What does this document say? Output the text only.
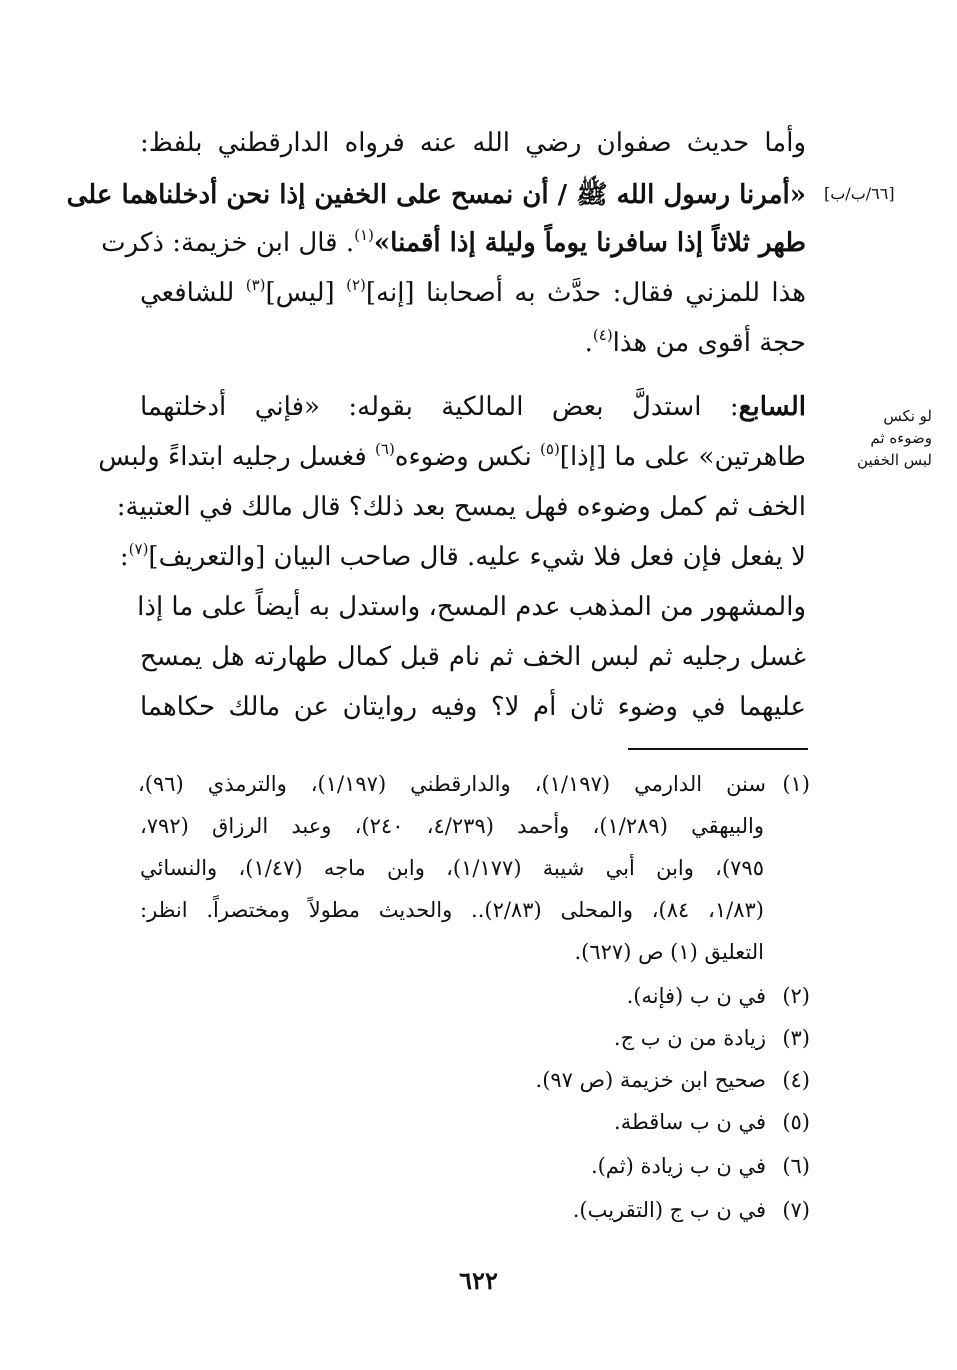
وأما حديث صفوان رضي الله عنه فرواه الدارقطني بلفظ:
«أمرنا رسول الله ﷺ / أن نمسح على الخفين إذا نحن أدخلناهما على
طهر ثلاثاً إذا سافرنا يوماً وليلة إذا أقمنا»$^{(١)}$. قال ابن خزيمة: ذكرت
هذا للمزني فقال: حدَّث به أصحابنا [إنه]$^{(٢)}$ [ليس]$^{(٣)}$ للشافعي
حجة أقوى من هذا$^{(٤)}$.
[٦٦/ب/ب]
لو نكس
وضوءه ثم
لبس الخفين
السابع: استدلَّ بعض المالكية بقوله: «فإني أدخلتهما
طاهرتين» على ما [إذا]$^{(٥)}$ نكس وضوءه$^{(٦)}$ فغسل رجليه ابتداءً ولبس
الخف ثم كمل وضوءه فهل يمسح بعد ذلك؟ قال مالك في العتبية:
لا يفعل فإن فعل فلا شيء عليه. قال صاحب البيان [والتعريف]$^{(٧)}$:
والمشهور من المذهب عدم المسح، واستدل به أيضاً على ما إذا
غسل رجليه ثم لبس الخف ثم نام قبل كمال طهارته هل يمسح
عليهما في وضوء ثان أم لا؟ وفيه روايتان عن مالك حكاهما
(١)سنن الدارمي (١/١٩٧)، والدارقطني (١/١٩٧)، والترمذي (٩٦)،
والبيهقي (١/٢٨٩)، وأحمد (٤/٢٣٩، ٢٤٠)، وعبد الرزاق (٧٩٢،
٧٩٥)، وابن أبي شيبة (١/١٧٧)، وابن ماجه (١/٤٧)، والنسائي
(١/٨٣، ٨٤)، والمحلى (٢/٨٣).. والحديث مطولاً ومختصراً. انظر:
التعليق (١) ص (٦٢٧).
(٢)في ن ب (فإنه).
(٣)زيادة من ن ب ج.
(٤)صحيح ابن خزيمة (ص ٩٧).
(٥)في ن ب ساقطة.
(٦)في ن ب زيادة (ثم).
(٧)في ن ب ج (التقريب).
٦٢٢
